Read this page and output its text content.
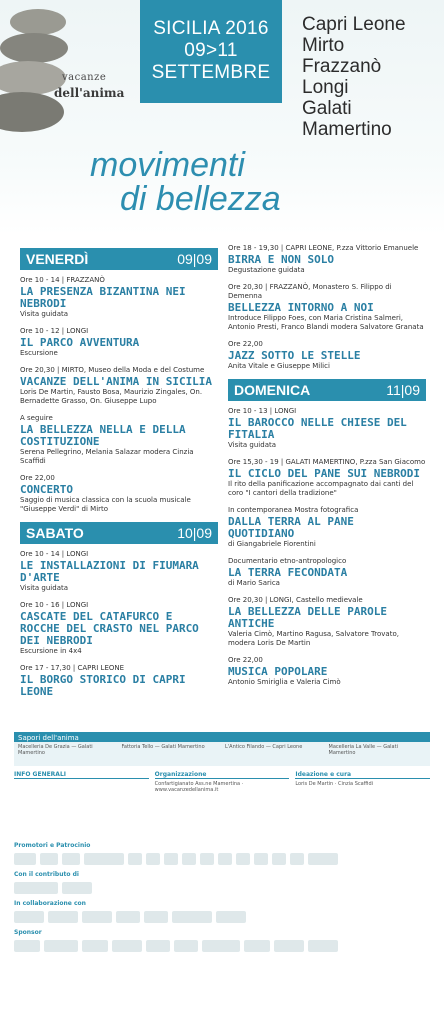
vacanze
dell'anima
SICILIA 2016
09>11
SETTEMBRE
Capri Leone
Mirto
Frazzanò
Longi
Galati
Mamertino
movimenti
di bellezza
VENERDÌ	09|09
Ore 10 - 14 | FRAZZANÒ
LA PRESENZA BIZANTINA NEI NEBRODI
Visita guidata
Ore 10 - 12 | LONGI
IL PARCO AVVENTURA
Escursione
Ore 20,30 | MIRTO, Museo della Moda e del Costume
VACANZE DELL'ANIMA IN SICILIA
Loris De Martin, Fausto Bosa, Maurizio Zingales, On. Bernadette Grasso, On. Giuseppe Lupo
A seguire
LA BELLEZZA NELLA E DELLA COSTITUZIONE
Serena Pellegrino, Melania Salazar modera Cinzia Scaffidi
Ore 22,00
CONCERTO
Saggio di musica classica con la scuola musicale "Giuseppe Verdi" di Mirto
SABATO	10|09
Ore 10 - 14 | LONGI
LE INSTALLAZIONI DI FIUMARA D'ARTE
Visita guidata
Ore 10 - 16 | LONGI
CASCATE DEL CATAFURCO E ROCCHE DEL CRASTO NEL PARCO DEI NEBRODI
Escursione in 4x4
Ore 17 - 17,30 | CAPRI LEONE
IL BORGO STORICO DI CAPRI LEONE
Ore 18 - 19,30 | CAPRI LEONE, P.zza Vittorio Emanuele
BIRRA E NON SOLO
Degustazione guidata
Ore 20,30 | FRAZZANÒ, Monastero S. Filippo di Demenna
BELLEZZA INTORNO A NOI
Introduce Filippo Foes, con Maria Cristina Salmeri, Antonio Presti, Franco Blandi modera Salvatore Granata
Ore 22,00
JAZZ SOTTO LE STELLE
Anita Vitale e Giuseppe Milici
DOMENICA	11|09
Ore 10 - 13 | LONGI
IL BAROCCO NELLE CHIESE DEL FITALIA
Visita guidata
Ore 15,30 - 19 | GALATI MAMERTINO, P.zza San Giacomo
IL CICLO DEL PANE SUI NEBRODI
Il rito della panificazione accompagnato dai canti del coro "I cantori della tradizione"
In contemporanea Mostra fotografica
DALLA TERRA AL PANE QUOTIDIANO
di Giangabriele Fiorentini
Documentario etno-antropologico
LA TERRA FECONDATA
di Mario Sarica
Ore 20,30 | LONGI, Castello medievale
LA BELLEZZA DELLE PAROLE ANTICHE
Valeria Cimò, Martino Ragusa, Salvatore Trovato, modera Loris De Martin
Ore 22,00
MUSICA POPOLARE
Antonio Smiriglia e Valeria Cimò
Sapori dell'anima
Macelleria De Grazia — Galati Mamertino
Fattoria Tello — Galati Mamertino	L'Antico Filando — Capri Leone	Macelleria La Valle — Galati Mamertino
INFO GENERALI	Organizzazione
Confartigianato Ass.ne Mamertina · www.vacanzedellanima.it
Ideazione e cura
Loris De Martin · Cinzia Scaffidi
Promotori e Patrocinio
Con il contributo di
In collaborazione con
Sponsor
